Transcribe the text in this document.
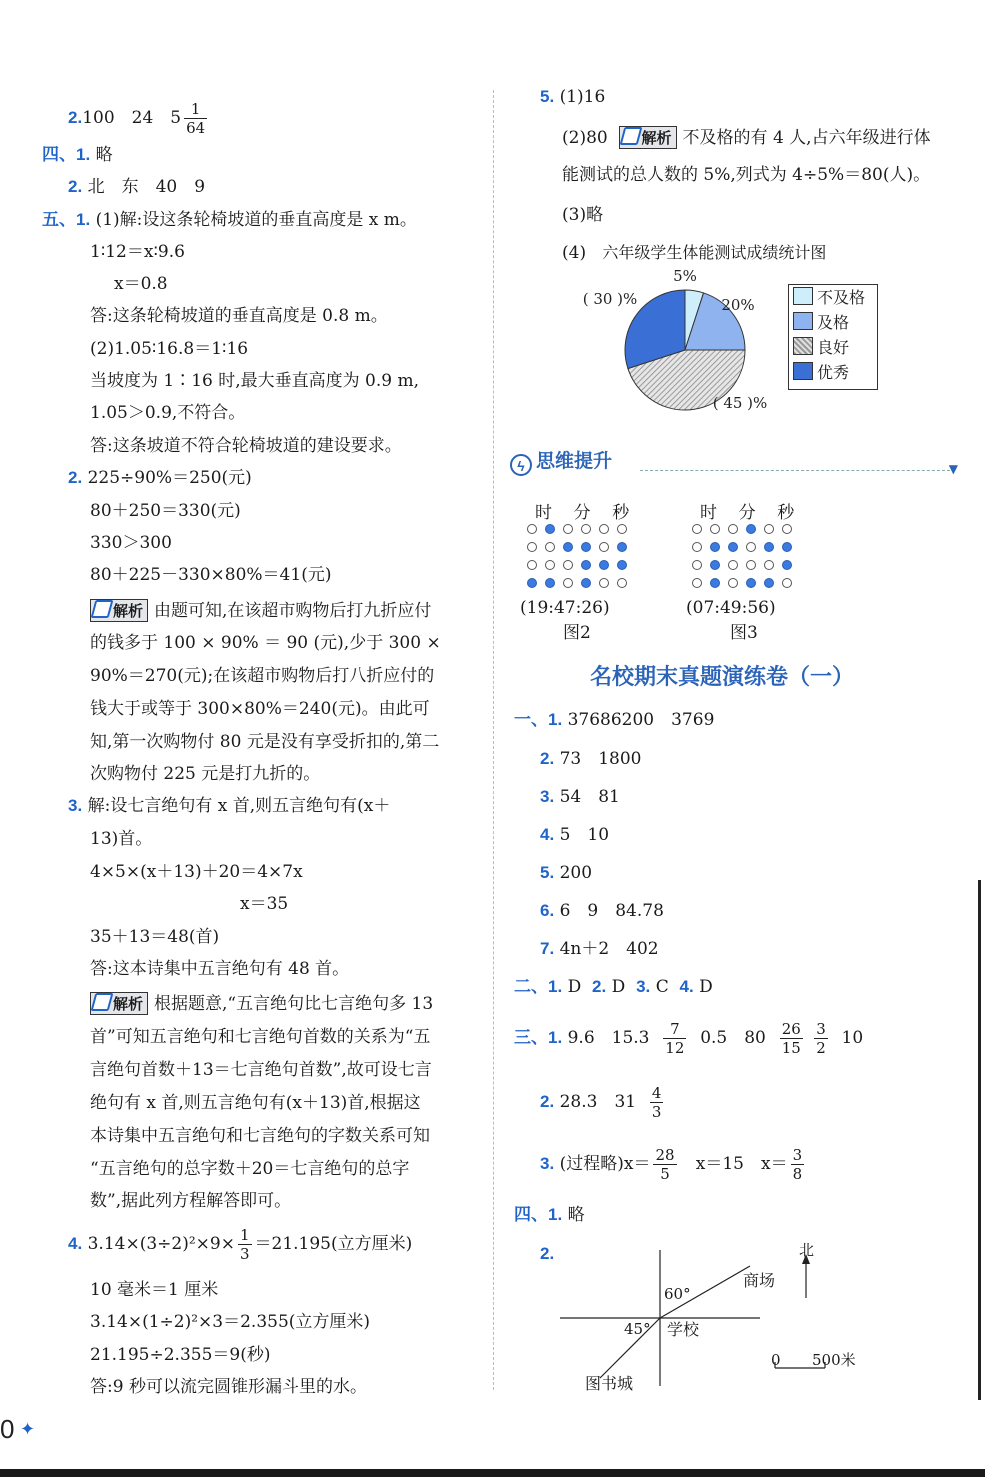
2.100　24　$5 \frac{1}{64}$
四、1. 略
2. 北　东　40　9
五、1. (1)解:设这条轮椅坡道的垂直高度是 x m。
1∶12＝x∶9.6
x＝0.8
答:这条轮椅坡道的垂直高度是 0.8 m。
(2)1.05∶16.8＝1∶16
当坡度为 1∶16 时,最大垂直高度为 0.9 m,
1.05＞0.9,不符合。
答:这条坡道不符合轮椅坡道的建设要求。
2. 225÷90%＝250(元)
80＋250＝330(元)
330＞300
80＋225－330×80%＝41(元)
解析 由题可知,在该超市购物后打九折应付
的钱多于 100 × 90% ＝ 90 (元),少于 300 ×
90%＝270(元);在该超市购物后打八折应付的
钱大于或等于 300×80%＝240(元)。由此可
知,第一次购物付 80 元是没有享受折扣的,第二
次购物付 225 元是打九折的。
3. 解:设七言绝句有 x 首,则五言绝句有(x＋
13)首。
4×5×(x＋13)＋20＝4×7x
x＝35
35＋13＝48(首)
答:这本诗集中五言绝句有 48 首。
解析 根据题意,“五言绝句比七言绝句多 13
首”可知五言绝句和七言绝句首数的关系为“五
言绝句首数＋13＝七言绝句首数”,故可设七言
绝句有 x 首,则五言绝句有(x＋13)首,根据这
本诗集中五言绝句和七言绝句的字数关系可知
“五言绝句的总字数＋20＝七言绝句的总字
数”,据此列方程解答即可。
4. $3.14\times(3\div 2)^2\times 9\times \frac{1}{3} =21.195$(立方厘米)
10 毫米＝1 厘米
3.14×(1÷2)²×3＝2.355(立方厘米)
21.195÷2.355＝9(秒)
答:9 秒可以流完圆锥形漏斗里的水。
5. (1)16
(2)80 解析 不及格的有 4 人,占六年级进行体
能测试的总人数的 5%,列式为 4÷5%＝80(人)。
(3)略
(4) 六年级学生体能测试成绩统计图
5%
20%
( 45 )%
( 30 )%	不及格
及格
良好
优秀
ϟ 思维提升	▼
时 分 秒	时 分 秒
(19:47:26)
图2
(07:49:56)
图3
名校期末真题演练卷（一）
一、1. 37686200　3769
2. 73　1800
3. 54　81
4. 5　10
5. 200
6. 6　9　84.78
7. 4n＋2　402
二、1. D 2. D 3. C 4. D
三、1. 9.6　$15.3 \frac{7}{12} 0.5$　$80 \frac{26}{15}$
$\frac{3}{2} 10$
2. 28.3　$31 \frac{4}{3}$
3. (过程略)$x= \frac{28}{5} x=15$　$x= \frac{3}{8}$
四、1. 略
2.	北
60°
45°
商场
学校
图书城
0 500米
0 ✦
